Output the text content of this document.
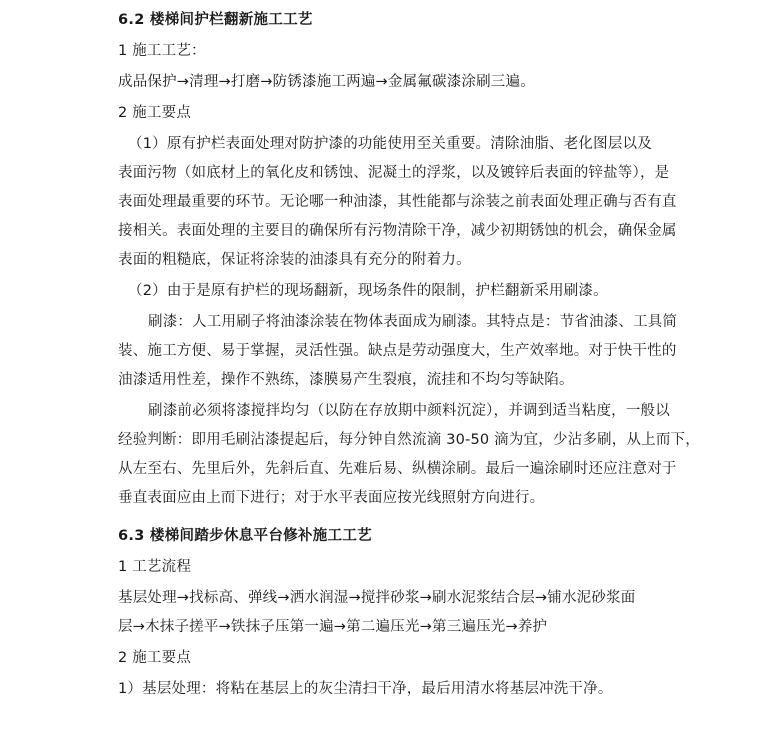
6.2 楼梯间护栏翻新施工工艺
1 施工工艺：
成品保护→清理→打磨→防锈漆施工两遍→金属氟碳漆涂刷三遍。
2 施工要点
（1）原有护栏表面处理对防护漆的功能使用至关重要。清除油脂、老化图层以及
表面污物（如底材上的氧化皮和锈蚀、泥凝土的浮浆，以及镀锌后表面的锌盐等），是
表面处理最重要的环节。无论哪一种油漆，其性能都与涂装之前表面处理正确与否有直
接相关。表面处理的主要目的确保所有污物清除干净，减少初期锈蚀的机会，确保金属
表面的粗糙底，保证将涂装的油漆具有充分的附着力。
（2）由于是原有护栏的现场翻新，现场条件的限制，护栏翻新采用刷漆。
刷漆：人工用刷子将油漆涂装在物体表面成为刷漆。其特点是：节省油漆、工具简
装、施工方便、易于掌握，灵活性强。缺点是劳动强度大，生产效率地。对于快干性的
油漆适用性差，操作不熟练，漆膜易产生裂痕，流挂和不均匀等缺陷。
刷漆前必须将漆搅拌均匀（以防在存放期中颜料沉淀），并调到适当粘度，一般以
经验判断：即用毛刷沾漆提起后，每分钟自然流滴 30-50 滴为宜，少沾多刷，从上而下，
从左至右、先里后外，先斜后直、先难后易、纵横涂刷。最后一遍涂刷时还应注意对于
垂直表面应由上而下进行；对于水平表面应按光线照射方向进行。
6.3 楼梯间踏步休息平台修补施工工艺
1 工艺流程
基层处理→找标高、弹线→洒水润湿→搅拌砂浆→刷水泥浆结合层→铺水泥砂浆面
层→木抹子搓平→铁抹子压第一遍→第二遍压光→第三遍压光→养护
2 施工要点
1）基层处理：将粘在基层上的灰尘清扫干净，最后用清水将基层冲洗干净。
